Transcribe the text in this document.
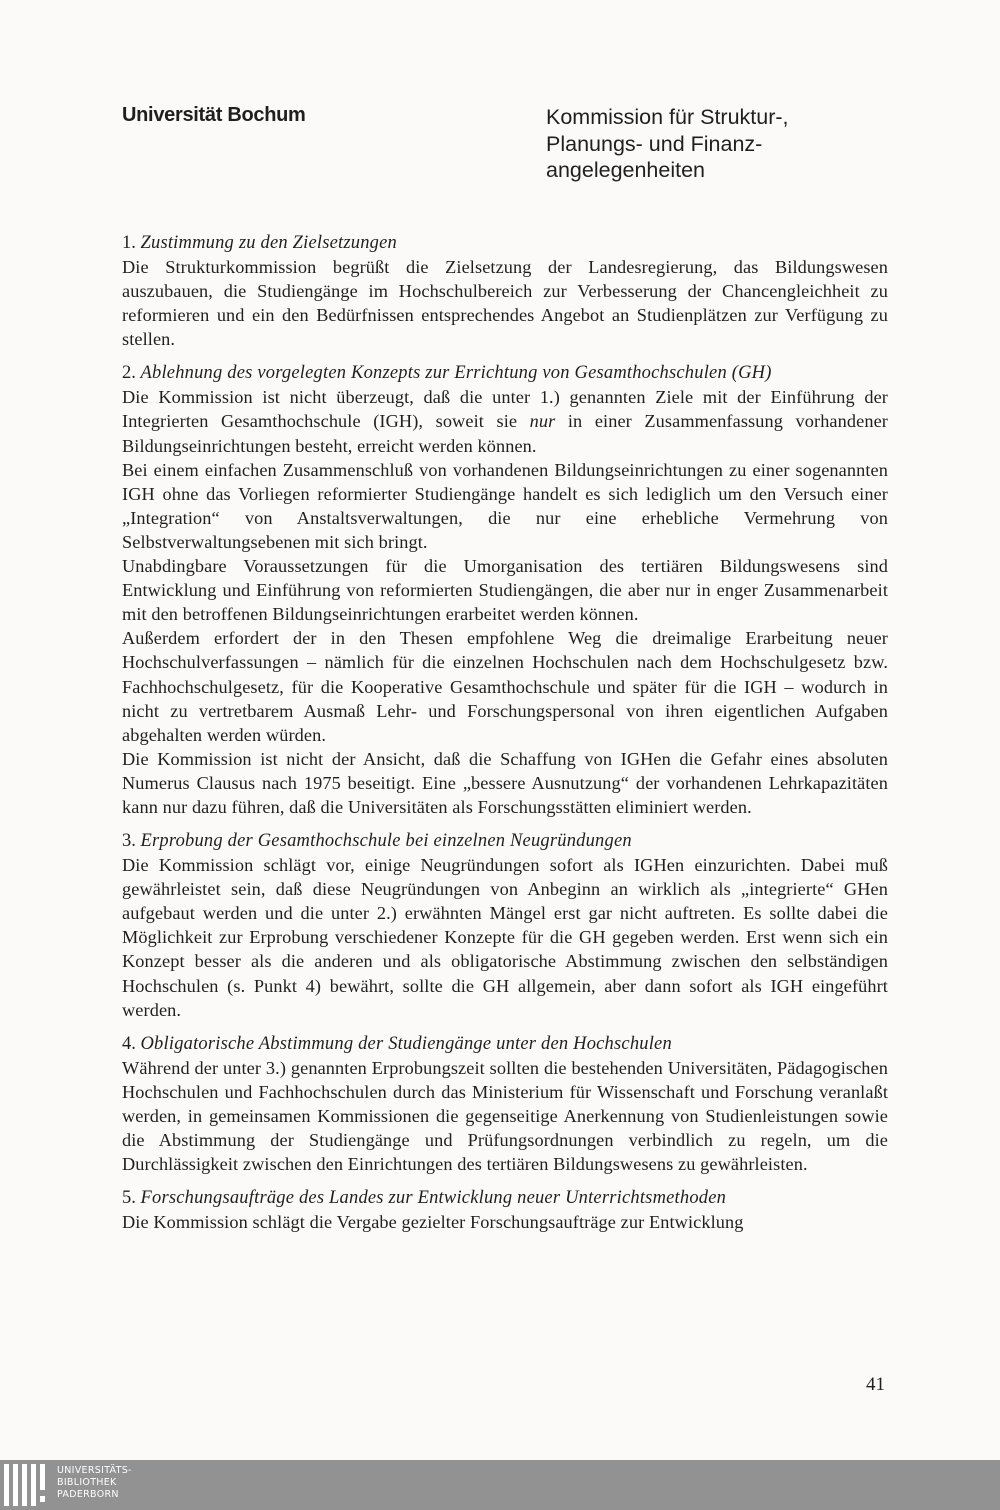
Universität Bochum	Kommission für Struktur-,
Planungs- und Finanz-
angelegenheiten
1. Zustimmung zu den Zielsetzungen

Die Strukturkommission begrüßt die Zielsetzung der Landesregierung, das Bildungswesen auszubauen, die Studiengänge im Hochschulbereich zur Verbesserung der Chancengleichheit zu reformieren und ein den Bedürfnissen entsprechendes Angebot an Studienplätzen zur Verfügung zu stellen.

2. Ablehnung des vorgelegten Konzepts zur Errichtung von Gesamthochschulen (GH)

Die Kommission ist nicht überzeugt, daß die unter 1.) genannten Ziele mit der Einführung der Integrierten Gesamthochschule (IGH), soweit sie nur in einer Zusammenfassung vorhandener Bildungseinrichtungen besteht, erreicht werden können.

Bei einem einfachen Zusammenschluß von vorhandenen Bildungseinrichtungen zu einer sogenannten IGH ohne das Vorliegen reformierter Studiengänge handelt es sich lediglich um den Versuch einer „Integration“ von Anstaltsverwaltungen, die nur eine erhebliche Vermehrung von Selbstverwaltungsebenen mit sich bringt.

Unabdingbare Voraussetzungen für die Umorganisation des tertiären Bildungswesens sind Entwicklung und Einführung von reformierten Studiengängen, die aber nur in enger Zusammenarbeit mit den betroffenen Bildungseinrichtungen erarbeitet werden können.

Außerdem erfordert der in den Thesen empfohlene Weg die dreimalige Erarbeitung neuer Hochschulverfassungen – nämlich für die einzelnen Hochschulen nach dem Hochschulgesetz bzw. Fachhochschulgesetz, für die Kooperative Gesamthochschule und später für die IGH – wodurch in nicht zu vertretbarem Ausmaß Lehr- und Forschungspersonal von ihren eigentlichen Aufgaben abgehalten werden würden.

Die Kommission ist nicht der Ansicht, daß die Schaffung von IGHen die Gefahr eines absoluten Numerus Clausus nach 1975 beseitigt. Eine „bessere Ausnutzung“ der vorhandenen Lehrkapazitäten kann nur dazu führen, daß die Universitäten als Forschungsstätten eliminiert werden.

3. Erprobung der Gesamthochschule bei einzelnen Neugründungen

Die Kommission schlägt vor, einige Neugründungen sofort als IGHen einzurichten. Dabei muß gewährleistet sein, daß diese Neugründungen von Anbeginn an wirklich als „integrierte“ GHen aufgebaut werden und die unter 2.) erwähnten Mängel erst gar nicht auftreten. Es sollte dabei die Möglichkeit zur Erprobung verschiedener Konzepte für die GH gegeben werden. Erst wenn sich ein Konzept besser als die anderen und als obligatorische Abstimmung zwischen den selbständigen Hochschulen (s. Punkt 4) bewährt, sollte die GH allgemein, aber dann sofort als IGH eingeführt werden.

4. Obligatorische Abstimmung der Studiengänge unter den Hochschulen

Während der unter 3.) genannten Erprobungszeit sollten die bestehenden Universitäten, Pädagogischen Hochschulen und Fachhochschulen durch das Ministerium für Wissenschaft und Forschung veranlaßt werden, in gemeinsamen Kommissionen die gegenseitige Anerkennung von Studienleistungen sowie die Abstimmung der Studiengänge und Prüfungsordnungen verbindlich zu regeln, um die Durchlässigkeit zwischen den Einrichtungen des tertiären Bildungswesens zu gewährleisten.

5. Forschungsaufträge des Landes zur Entwicklung neuer Unterrichtsmethoden

Die Kommission schlägt die Vergabe gezielter Forschungsaufträge zur Entwicklung

41
UNIVERSITÄTS-
BIBLIOTHEK
PADERBORN
